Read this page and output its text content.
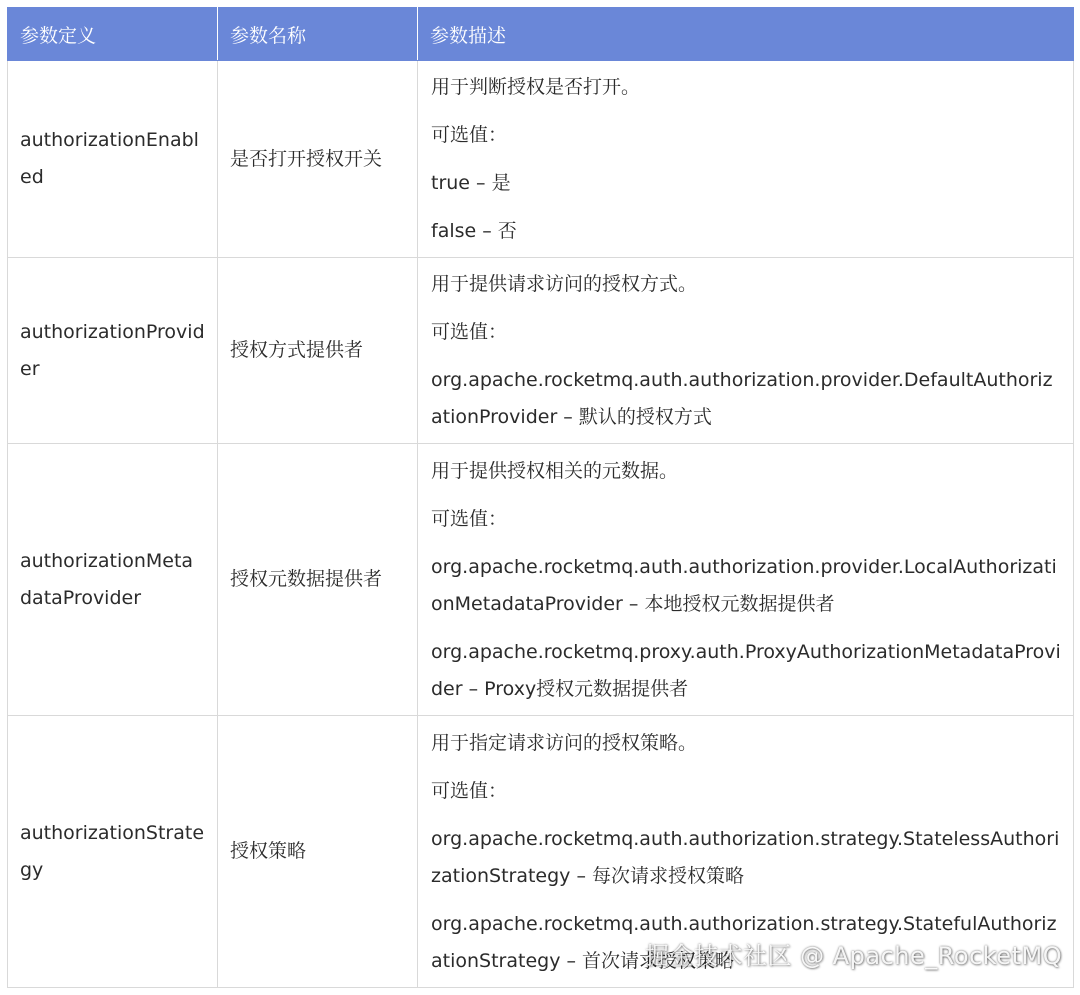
参数定义	参数名称	参数描述
authorizationEnabled	是否打开授权开关	用于判断授权是否打开。

可选值：

true – 是

false – 否

authorizationProvider	授权方式提供者	用于提供请求访问的授权方式。

可选值：

org.apache.rocketmq.auth.authorization.provider.DefaultAuthorizationProvider – 默认的授权方式

authorizationMetadataProvider	授权元数据提供者	用于提供授权相关的元数据。

可选值：

org.apache.rocketmq.auth.authorization.provider.LocalAuthorizationMetadataProvider – 本地授权元数据提供者

org.apache.rocketmq.proxy.auth.ProxyAuthorizationMetadataProvider – Proxy授权元数据提供者

authorizationStrategy	授权策略	用于指定请求访问的授权策略。

可选值：

org.apache.rocketmq.auth.authorization.strategy.StatelessAuthorizationStrategy – 每次请求授权策略

org.apache.rocketmq.auth.authorization.strategy.StatefulAuthorizationStrategy – 首次请求授权策略

掘金技术社区 @ Apache_RocketMQ
